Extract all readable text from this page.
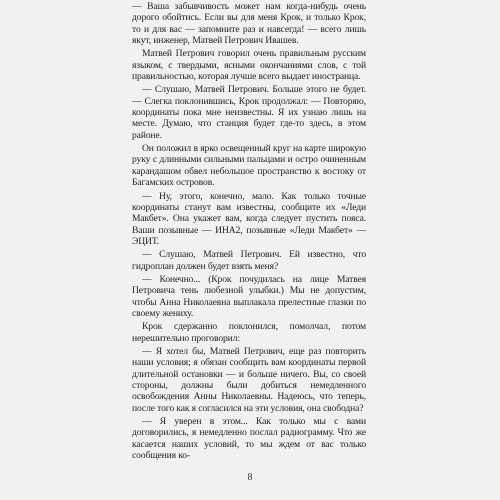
— Ваша забывчивость может нам когда-нибудь очень дорого обойтись. Если вы для меня Крок, и только Крок, то и для вас — запомните раз и навсегда! — всего лишь якут, инженер, Матвей Петрович Ивашев.

Матвей Петрович говорил очень правильным русским языком, с твердыми, ясными окончаниями слов, с той правильностью, которая лучше всего выдает иностранца.

— Слушаю, Матвей Петрович. Больше этого не будет. — Слегка поклонившись, Крок продолжал: — Повторяю, координаты пока мне неизвестны. Я их узнаю лишь на месте. Думаю, что станция будет где-то здесь, в этом районе.

Он положил в ярко освещенный круг на карте широкую руку с длинными сильными пальцами и остро очиненным карандашом обвел небольшое пространство к востоку от Багамских островов.

— Ну, этого, конечно, мало. Как только точные координаты станут вам известны, сообщите их «Леди Макбет». Она укажет вам, когда следует пустить пояса. Ваши позывные — ИНА2, позывные «Леди Макбет» — ЭЦИТ.

— Слушаю, Матвей Петрович. Ей известно, что гидроплан должен будет взять меня?

— Конечно... (Крок почудилась на лице Матвея Петровича тень любезной улыбки.) Мы не допустим, чтобы Анна Николаевна выплакала прелестные глазки по своему жениху.

Крок сдержанно поклонился, помолчал, потом нерешительно проговорил:

— Я хотел бы, Матвей Петрович, еще раз повторить наши условия; я обязан сообщить вам координаты первой длительной остановки — и больше ничего. Вы, со своей стороны, должны были добиться немедленного освобождения Анны Николаевны. Надеюсь, что теперь, после того как я согласился на эти условия, она свободна?

— Я уверен в этом... Как только мы с вами договорились, я немедленно послал радиограмму. Что же касается наших условий, то мы ждем от вас только сообщения ко-

8
